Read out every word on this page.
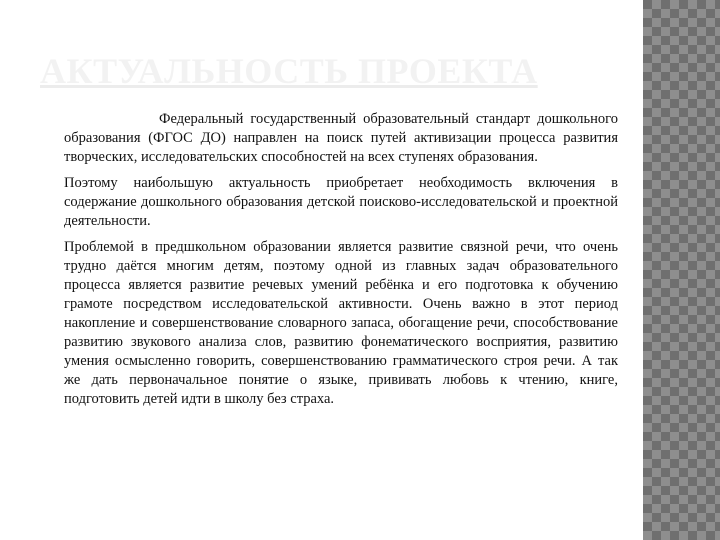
АКТУАЛЬНОСТЬ ПРОЕКТА

Федеральный государственный образовательный стандарт дошкольного образования (ФГОС ДО) направлен на поиск путей активизации процесса развития творческих, исследовательских способностей на всех ступенях образования.

Поэтому наибольшую актуальность приобретает необходимость включения в содержание дошкольного образования детской поисково-исследовательской и проектной деятельности.

Проблемой в предшкольном образовании является развитие связной речи, что очень трудно даётся многим детям, поэтому одной из главных задач образовательного процесса является развитие речевых умений ребёнка и его подготовка к обучению грамоте посредством исследовательской активности. Очень важно в этот период накопление и совершенствование словарного запаса, обогащение речи, способствование развитию звукового анализа слов, развитию фонематического восприятия, развитию умения осмысленно говорить, совершенствованию грамматического строя речи. А так же дать первоначальное понятие о языке, прививать любовь к чтению, книге, подготовить детей идти в школу без страха.
